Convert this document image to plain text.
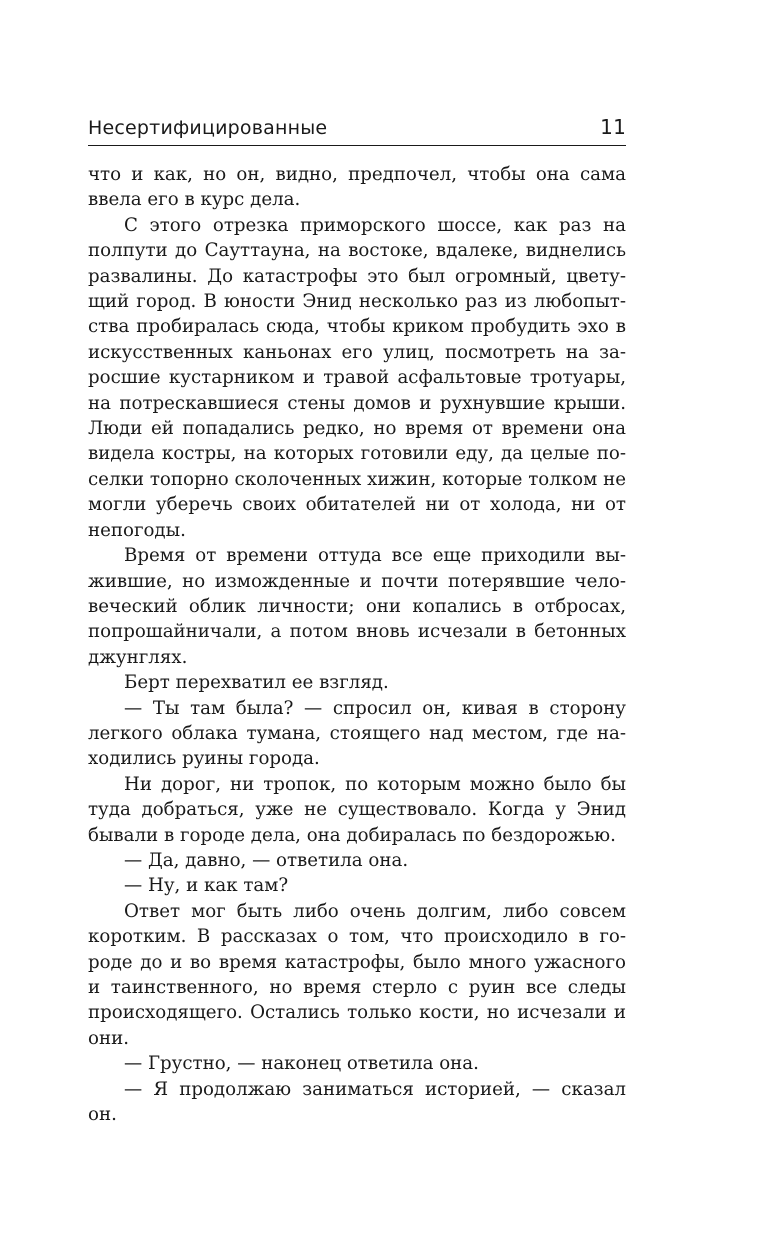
Несертифицированные	11

что и как, но он, видно, предпочел, чтобы она сама ввела его в курс дела.

С этого отрезка приморского шоссе, как раз на полпути до Сауттауна, на востоке, вдалеке, виднелись развалины. До катастрофы это был огромный, цветущий город. В юности Энид несколько раз из любопытства пробиралась сюда, чтобы криком пробудить эхо в искусственных каньонах его улиц, посмотреть на заросшие кустарником и травой асфальтовые тротуары, на потрескавшиеся стены домов и рухнувшие крыши. Люди ей попадались редко, но время от времени она видела костры, на которых готовили еду, да целые поселки топорно сколоченных хижин, которые толком не могли уберечь своих обитателей ни от холода, ни от непогоды.

Время от времени оттуда все еще приходили выжившие, но изможденные и почти потерявшие человеческий облик личности; они копались в отбросах, попрошайничали, а потом вновь исчезали в бетонных джунглях.

Берт перехватил ее взгляд.

— Ты там была? — спросил он, кивая в сторону легкого облака тумана, стоящего над местом, где находились руины города.

Ни дорог, ни тропок, по которым можно было бы туда добраться, уже не существовало. Когда у Энид бывали в городе дела, она добиралась по бездорожью.

— Да, давно, — ответила она.

— Ну, и как там?

Ответ мог быть либо очень долгим, либо совсем коротким. В рассказах о том, что происходило в городе до и во время катастрофы, было много ужасного и таинственного, но время стерло с руин все следы происходящего. Остались только кости, но исчезали и они.

— Грустно, — наконец ответила она.

— Я продолжаю заниматься историей, — сказал он.
